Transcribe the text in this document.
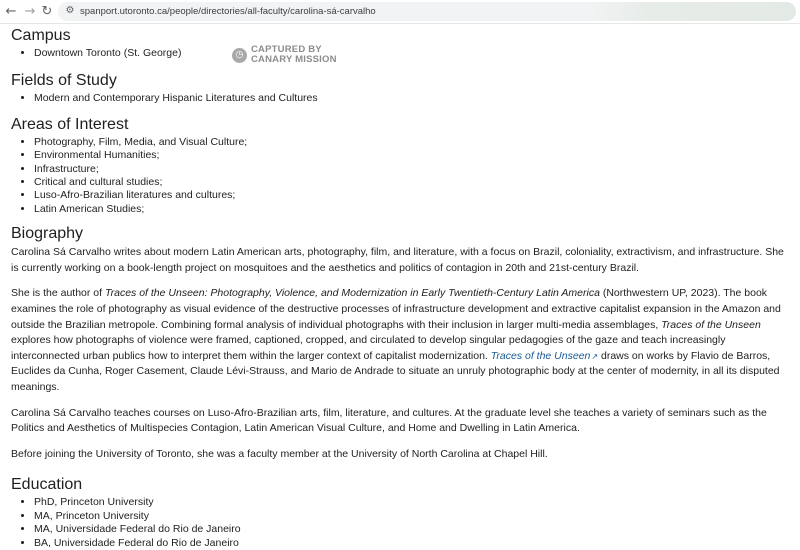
← → ↻	⚙ spanport.utoronto.ca/people/directories/all-faculty/carolina-sá-carvalho
◷ CAPTURED BY
CANARY MISSION
Campus
• Downtown Toronto (St. George)
Fields of Study
• Modern and Contemporary Hispanic Literatures and Cultures
Areas of Interest
• Photography, Film, Media, and Visual Culture;
• Environmental Humanities;
• Infrastructure;
• Critical and cultural studies;
• Luso-Afro-Brazilian literatures and cultures;
• Latin American Studies;
Biography

Carolina Sá Carvalho writes about modern Latin American arts, photography, film, and literature, with a focus on Brazil, coloniality, extractivism, and infrastructure. She is currently working on a book-length project on mosquitoes and the aesthetics and politics of contagion in 20th and 21st-century Brazil.

She is the author of Traces of the Unseen: Photography, Violence, and Modernization in Early Twentieth-Century Latin America (Northwestern UP, 2023). The book examines the role of photography as visual evidence of the destructive processes of infrastructure development and extractive capitalist expansion in the Amazon and outside the Brazilian metropole. Combining formal analysis of individual photographs with their inclusion in larger multi-media assemblages, Traces of the Unseen explores how photographs of violence were framed, captioned, cropped, and circulated to develop singular pedagogies of the gaze and teach increasingly interconnected urban publics how to interpret them within the larger context of capitalist modernization. Traces of the Unseen↗ draws on works by Flavio de Barros, Euclides da Cunha, Roger Casement, Claude Lévi-Strauss, and Mario de Andrade to situate an unruly photographic body at the center of modernity, in all its disputed meanings.

Carolina Sá Carvalho teaches courses on Luso-Afro-Brazilian arts, film, literature, and cultures. At the graduate level she teaches a variety of seminars such as the Politics and Aesthetics of Multispecies Contagion, Latin American Visual Culture, and Home and Dwelling in Latin America.

Before joining the University of Toronto, she was a faculty member at the University of North Carolina at Chapel Hill.

Education
• PhD, Princeton University
• MA, Princeton University
• MA, Universidade Federal do Rio de Janeiro
• BA, Universidade Federal do Rio de Janeiro
